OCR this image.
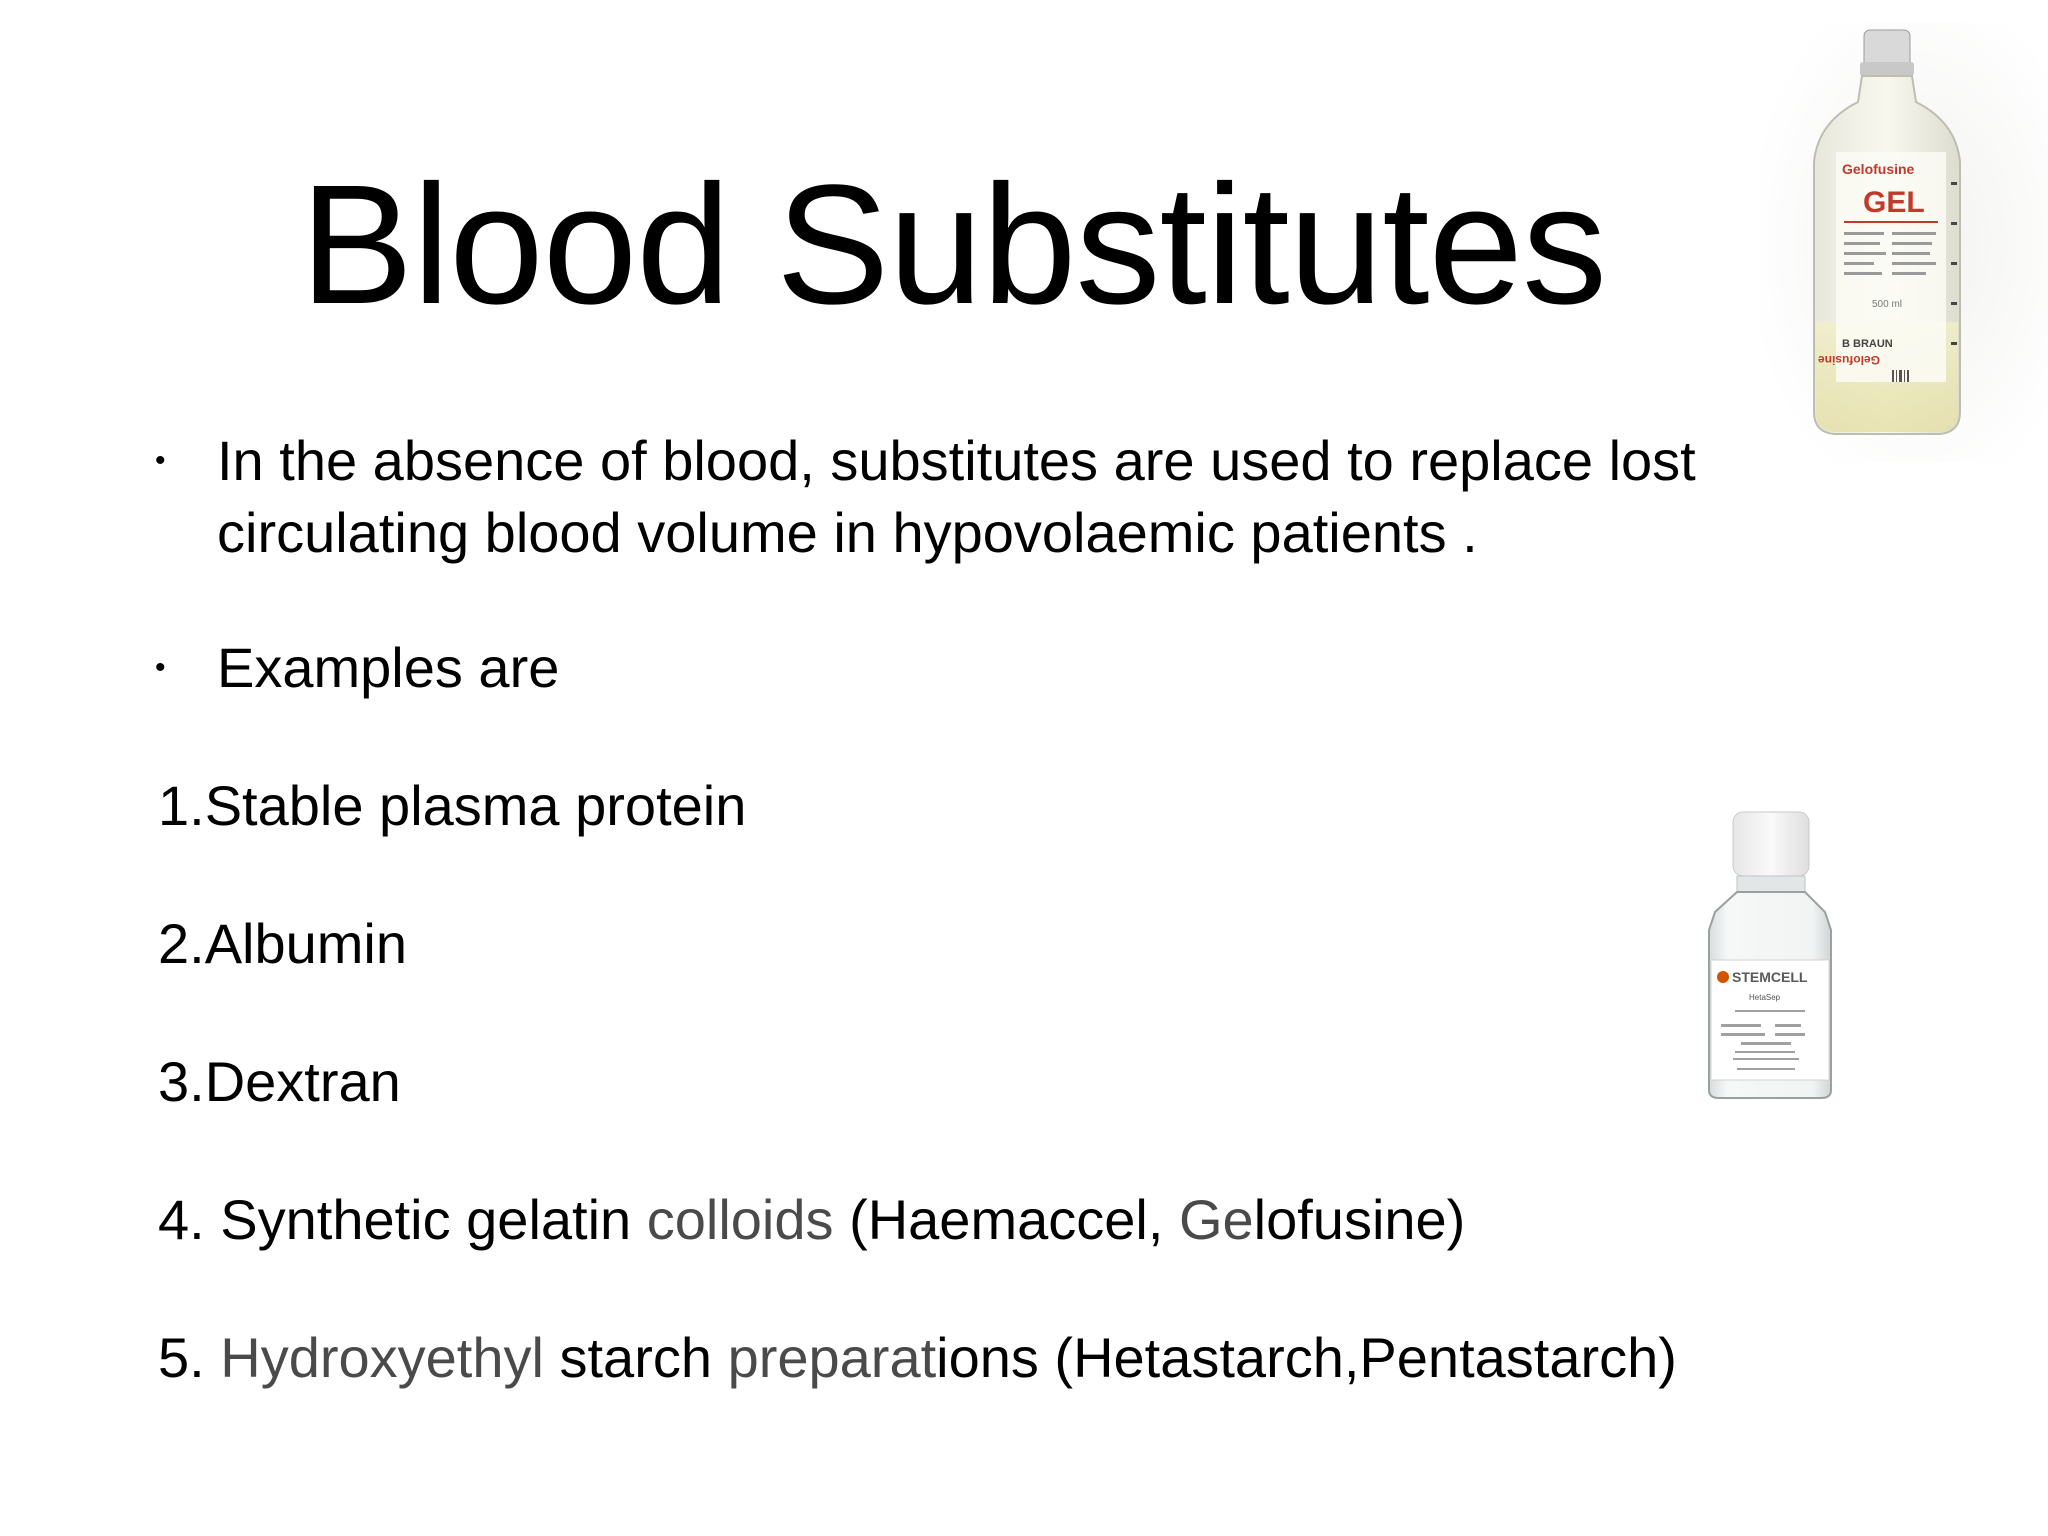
Blood Substitutes	Gelofusine
GEL
500 ml
B BRAUN
Gelofusine
• In the absence of blood, substitutes are used to replace lost
circulating blood volume in hypovolaemic patients .
• Examples are
1.Stable plasma protein
2.Albumin
3.Dextran
4. Synthetic gelatin colloids (Haemaccel, Gelofusine)
5. Hydroxyethyl starch preparations (Hetastarch,Pentastarch)
STEMCELL
HetaSep
